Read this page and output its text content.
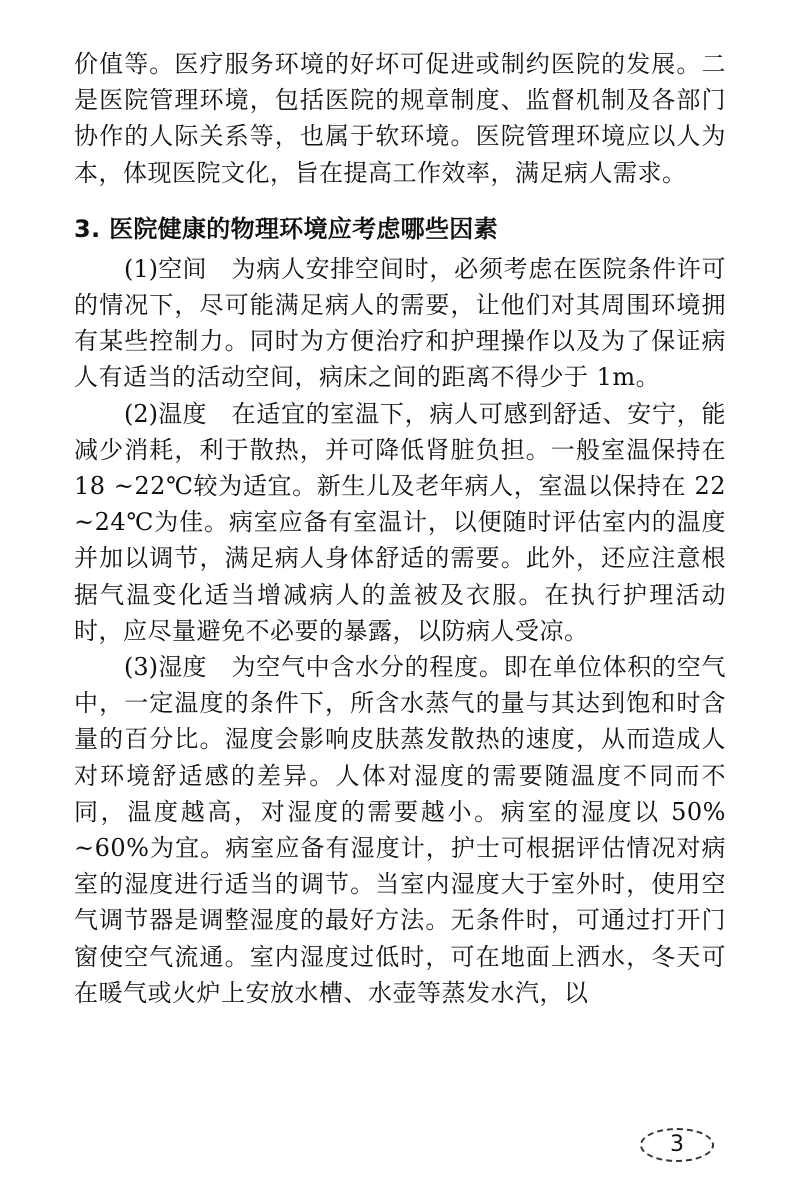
价值等。医疗服务环境的好坏可促进或制约医院的发展。二是医院管理环境，包括医院的规章制度、监督机制及各部门协作的人际关系等，也属于软环境。医院管理环境应以人为本，体现医院文化，旨在提高工作效率，满足病人需求。

3. 医院健康的物理环境应考虑哪些因素

(1)空间　 为病人安排空间时，必须考虑在医院条件许可的情况下，尽可能满足病人的需要，让他们对其周围环境拥有某些控制力。同时为方便治疗和护理操作以及为了保证病人有适当的活动空间，病床之间的距离不得少于 1m。

(2)温度　 在适宜的室温下，病人可感到舒适、安宁，能减少消耗，利于散热，并可降低肾脏负担。一般室温保持在 18 ~22℃较为适宜。新生儿及老年病人，室温以保持在 22 ~24℃为佳。病室应备有室温计，以便随时评估室内的温度并加以调节，满足病人身体舒适的需要。此外，还应注意根据气温变化适当增减病人的盖被及衣服。在执行护理活动时，应尽量避免不必要的暴露，以防病人受凉。

(3)湿度　 为空气中含水分的程度。即在单位体积的空气中，一定温度的条件下，所含水蒸气的量与其达到饱和时含量的百分比。湿度会影响皮肤蒸发散热的速度，从而造成人对环境舒适感的差异。人体对湿度的需要随温度不同而不同，温度越高，对湿度的需要越小。病室的湿度以 50% ~60%为宜。病室应备有湿度计，护士可根据评估情况对病室的湿度进行适当的调节。当室内湿度大于室外时，使用空气调节器是调整湿度的最好方法。无条件时，可通过打开门窗使空气流通。室内湿度过低时，可在地面上洒水，冬天可在暖气或火炉上安放水槽、水壶等蒸发水汽，以

3
